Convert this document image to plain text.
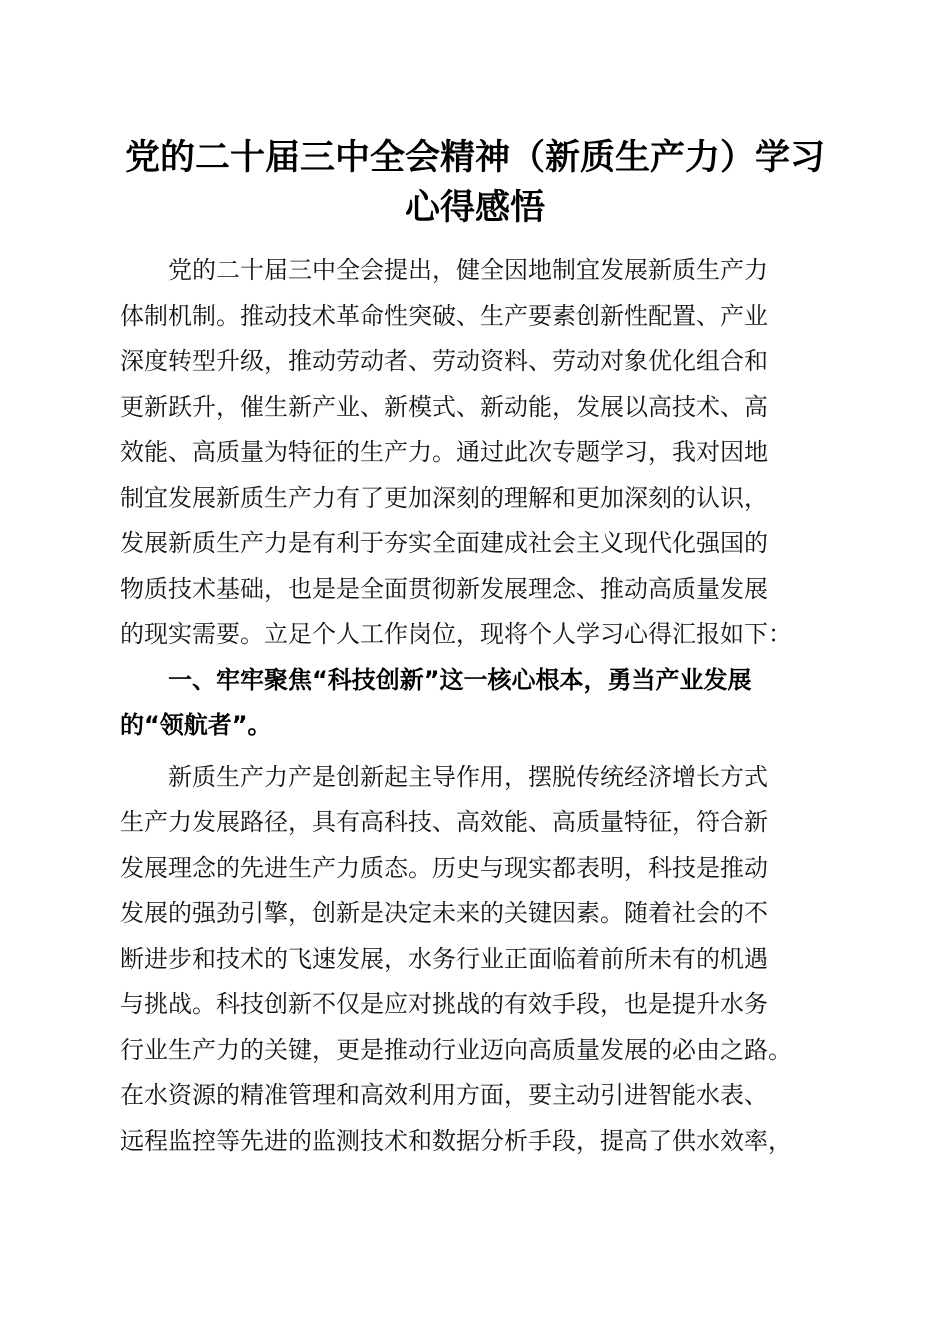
党的二十届三中全会精神（新质生产力）学习
心得感悟

党的二十届三中全会提出，健全因地制宜发展新质生产力
体制机制。推动技术革命性突破、生产要素创新性配置、产业
深度转型升级，推动劳动者、劳动资料、劳动对象优化组合和
更新跃升，催生新产业、新模式、新动能，发展以高技术、高
效能、高质量为特征的生产力。通过此次专题学习，我对因地
制宜发展新质生产力有了更加深刻的理解和更加深刻的认识，
发展新质生产力是有利于夯实全面建成社会主义现代化强国的
物质技术基础，也是是全面贯彻新发展理念、推动高质量发展
的现实需要。立足个人工作岗位，现将个人学习心得汇报如下：

一、牢牢聚焦“科技创新”这一核心根本，勇当产业发展
的“领航者”。

新质生产力产是创新起主导作用，摆脱传统经济增长方式
生产力发展路径，具有高科技、高效能、高质量特征，符合新
发展理念的先进生产力质态。历史与现实都表明，科技是推动
发展的强劲引擎，创新是决定未来的关键因素。随着社会的不
断进步和技术的飞速发展，水务行业正面临着前所未有的机遇
与挑战。科技创新不仅是应对挑战的有效手段，也是提升水务
行业生产力的关键，更是推动行业迈向高质量发展的必由之路。
在水资源的精准管理和高效利用方面，要主动引进智能水表、
远程监控等先进的监测技术和数据分析手段，提高了供水效率，
